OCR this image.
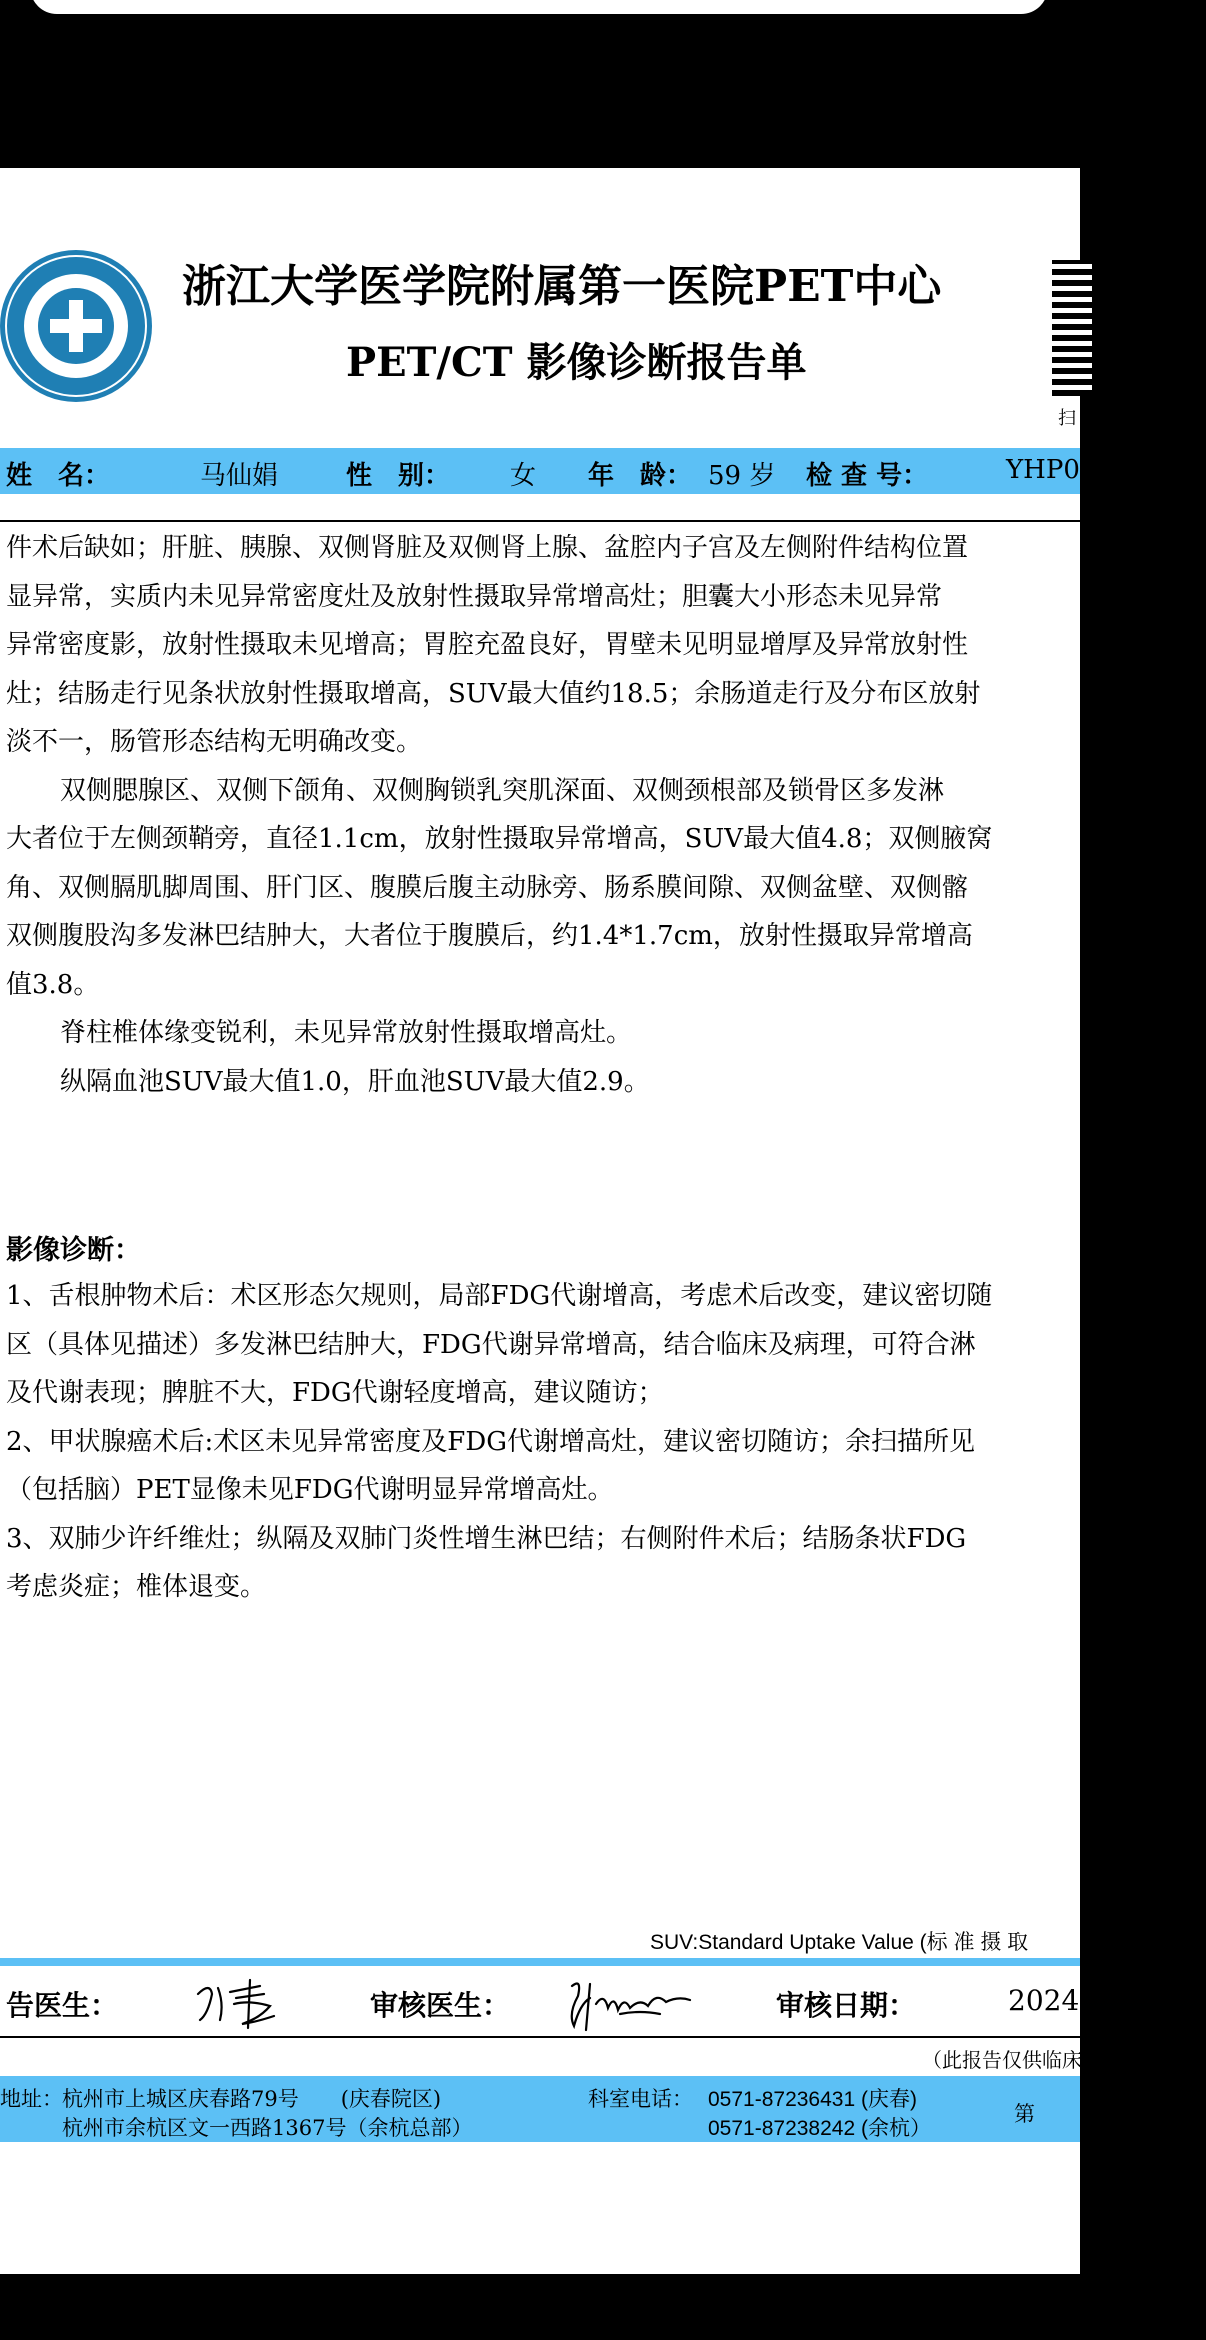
浙江大学医学院附属第一医院PET中心
PET/CT 影像诊断报告单
扫
姓　名：	马仙娟	性　别： 女 年　龄： 59 岁 检 查 号：	YHP00

件术后缺如；肝脏、胰腺、双侧肾脏及双侧肾上腺、盆腔内子宫及左侧附件结构位置

显异常，实质内未见异常密度灶及放射性摄取异常增高灶；胆囊大小形态未见异常

异常密度影，放射性摄取未见增高；胃腔充盈良好，胃壁未见明显增厚及异常放射性

灶；结肠走行见条状放射性摄取增高，SUV最大值约18.5；余肠道走行及分布区放射

淡不一，肠管形态结构无明确改变。

双侧腮腺区、双侧下颌角、双侧胸锁乳突肌深面、双侧颈根部及锁骨区多发淋

大者位于左侧颈鞘旁，直径1.1cm，放射性摄取异常增高，SUV最大值4.8；双侧腋窝

角、双侧膈肌脚周围、肝门区、腹膜后腹主动脉旁、肠系膜间隙、双侧盆壁、双侧髂

双侧腹股沟多发淋巴结肿大，大者位于腹膜后，约1.4*1.7cm，放射性摄取异常增高

值3.8。

脊柱椎体缘变锐利，未见异常放射性摄取增高灶。

纵隔血池SUV最大值1.0，肝血池SUV最大值2.9。

影像诊断：

1、舌根肿物术后：术区形态欠规则，局部FDG代谢增高，考虑术后改变，建议密切随

区（具体见描述）多发淋巴结肿大，FDG代谢异常增高，结合临床及病理，可符合淋

及代谢表现；脾脏不大，FDG代谢轻度增高，建议随访；

2、甲状腺癌术后:术区未见异常密度及FDG代谢增高灶，建议密切随访；余扫描所见

（包括脑）PET显像未见FDG代谢明显异常增高灶。

3、双肺少许纤维灶；纵隔及双肺门炎性增生淋巴结；右侧附件术后；结肠条状FDG

考虑炎症；椎体退变。

SUV:Standard Uptake Value (标 准 摄 取
告医生：	审核医生：	审核日期：	2024-
（此报告仅供临床
地址： 杭州市上城区庆春路79号　　(庆春院区)
杭州市余杭区文一西路1367号（余杭总部）
科室电话： 0571-87236431 (庆春)
0571-87238242 (余杭）
第
